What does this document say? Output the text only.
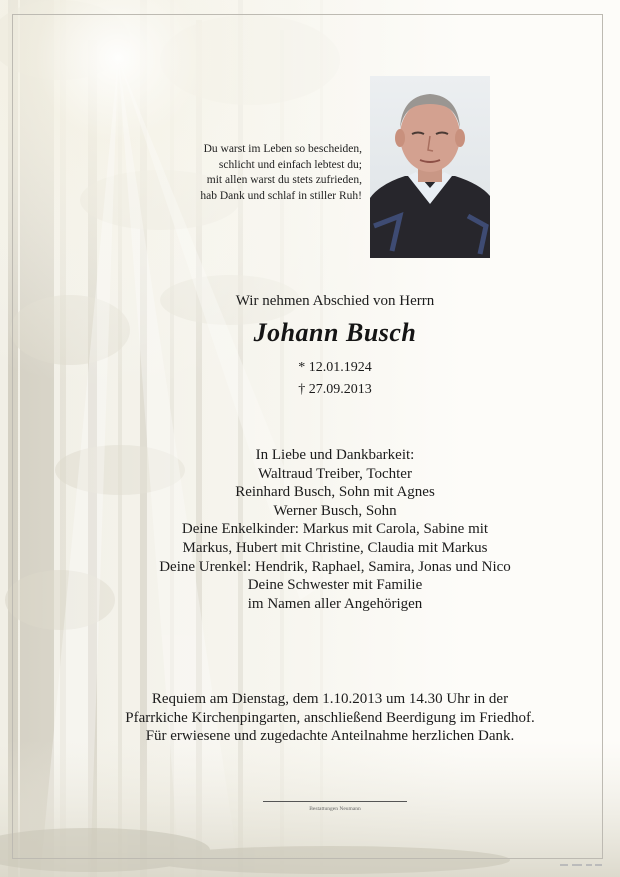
Du warst im Leben so bescheiden,
schlicht und einfach lebtest du;
mit allen warst du stets zufrieden,
hab Dank und schlaf in stiller Ruh!
Wir nehmen Abschied von Herrn
Johann Busch
* 12.01.1924
† 27.09.2013
In Liebe und Dankbarkeit:
Waltraud Treiber, Tochter
Reinhard Busch, Sohn mit Agnes
Werner Busch, Sohn
Deine Enkelkinder: Markus mit Carola, Sabine mit
Markus, Hubert mit Christine, Claudia mit Markus
Deine Urenkel: Hendrik, Raphael, Samira, Jonas und Nico
Deine Schwester mit Familie
im Namen aller Angehörigen
Requiem am Dienstag, dem 1.10.2013 um 14.30 Uhr in der
Pfarrkiche Kirchenpingarten, anschließend Beerdigung im Friedhof.
Für erwiesene und zugedachte Anteilnahme herzlichen Dank.
Bestattungen Neumann
